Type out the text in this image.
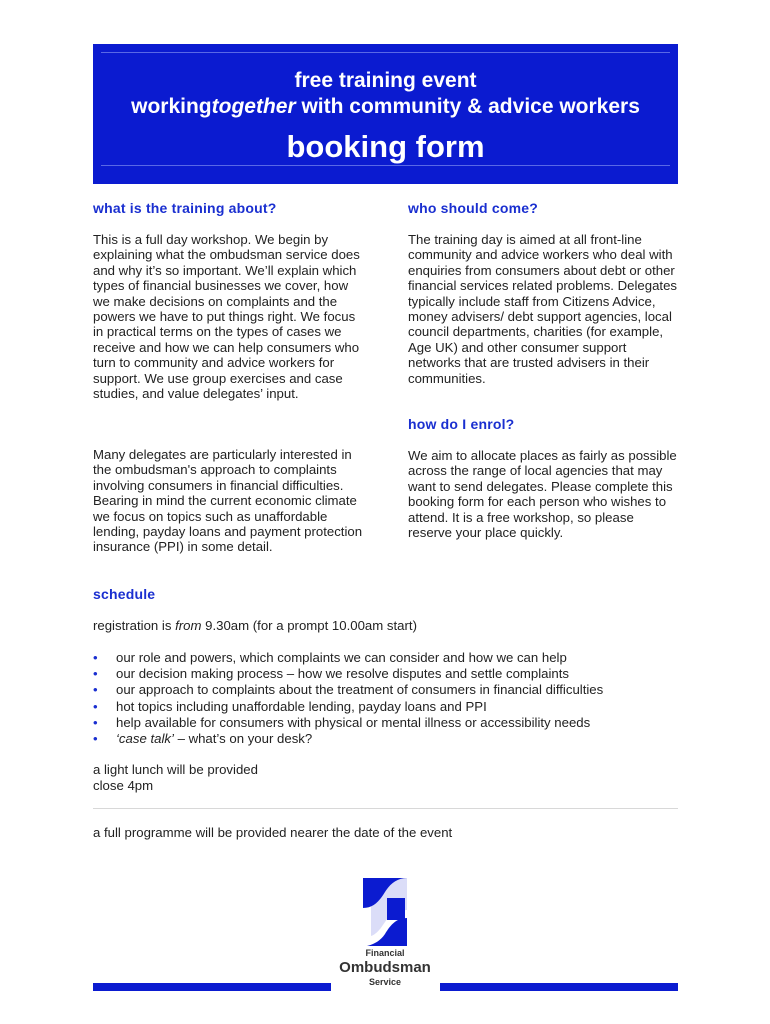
free training event
workingtogether with community & advice workers
booking form
what is the training about?

This is a full day workshop. We begin by explaining what the ombudsman service does and why it’s so important. We’ll explain which types of financial businesses we cover, how we make decisions on complaints and the powers we have to put things right. We focus in practical terms on the types of cases we receive and how we can help consumers who turn to community and advice workers for support. We use group exercises and case studies, and value delegates’ input.

Many delegates are particularly interested in the ombudsman's approach to complaints involving consumers in financial difficulties. Bearing in mind the current economic climate we focus on topics such as unaffordable lending, payday loans and payment protection insurance (PPI) in some detail.

who should come?

The training day is aimed at all front-line community and advice workers who deal with enquiries from consumers about debt or other financial services related problems. Delegates typically include staff from Citizens Advice, money advisers/ debt support agencies, local council departments, charities (for example, Age UK) and other consumer support networks that are trusted advisers in their communities.

how do I enrol?

We aim to allocate places as fairly as possible across the range of local agencies that may want to send delegates. Please complete this booking form for each person who wishes to attend. It is a free workshop, so please reserve your place quickly.

schedule
registration is from 9.30am (for a prompt 10.00am start)
• our role and powers, which complaints we can consider and how we can help
• our decision making process – how we resolve disputes and settle complaints
• our approach to complaints about the treatment of consumers in financial difficulties
• hot topics including unaffordable lending, payday loans and PPI
• help available for consumers with physical or mental illness or accessibility needs
• ‘case talk’ – what’s on your desk?
a light lunch will be provided
close 4pm
a full programme will be provided nearer the date of the event
Financial
Ombudsman
Service
